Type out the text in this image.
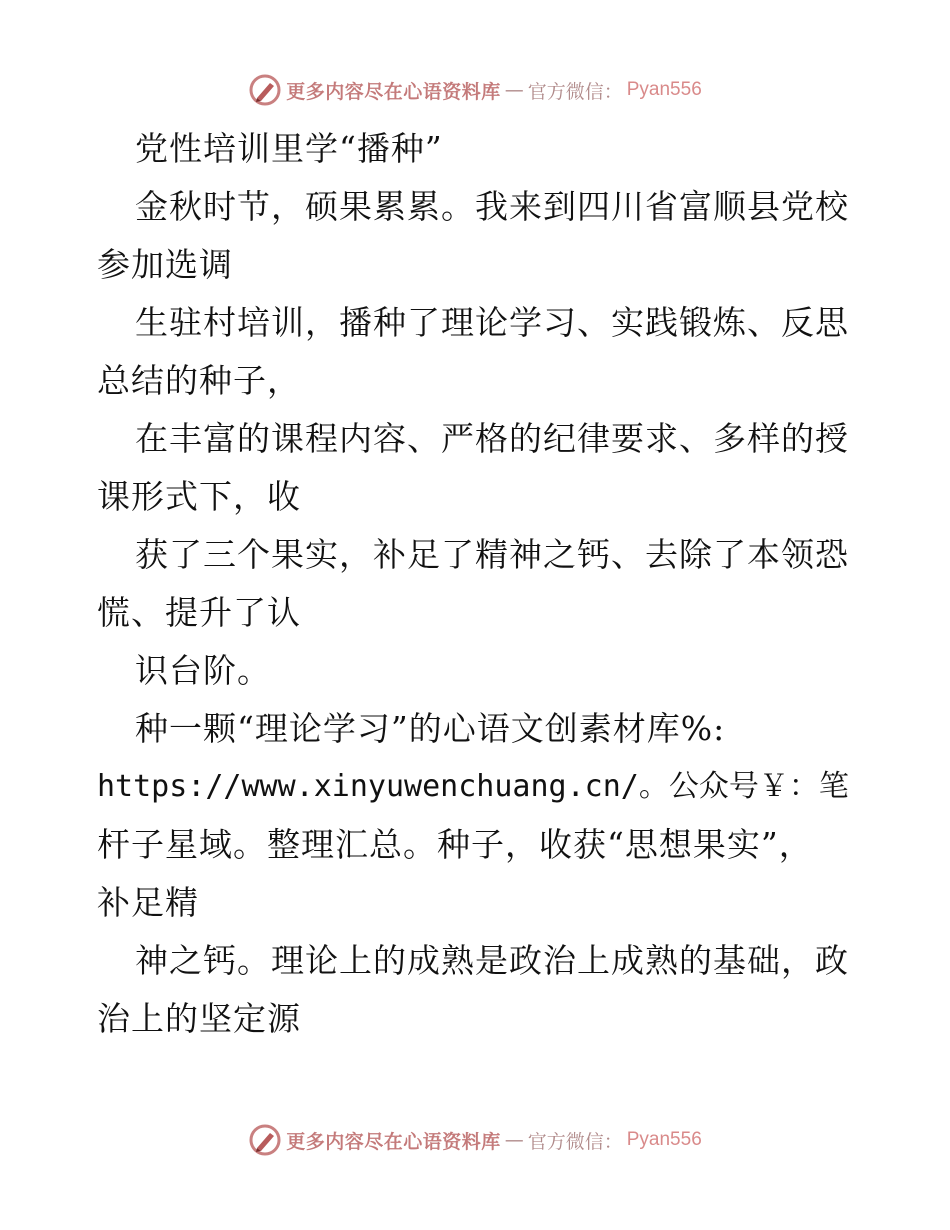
更多内容尽在心语资料库 — 官方微信： Pyan556
党性培训里学“播种”
金秋时节，硕果累累。我来到四川省富顺县党校
参加选调
生驻村培训，播种了理论学习、实践锻炼、反思
总结的种子，
在丰富的课程内容、严格的纪律要求、多样的授
课形式下，收
获了三个果实，补足了精神之钙、去除了本领恐
慌、提升了认
识台阶。
种一颗“理论学习”的心语文创素材库%:
https://www.xinyuwenchuang.cn/。公众号￥：笔
杆子星域。整理汇总。种子，收获“思想果实”，
补足精
神之钙。理论上的成熟是政治上成熟的基础，政
治上的坚定源
更多内容尽在心语资料库 — 官方微信： Pyan556
